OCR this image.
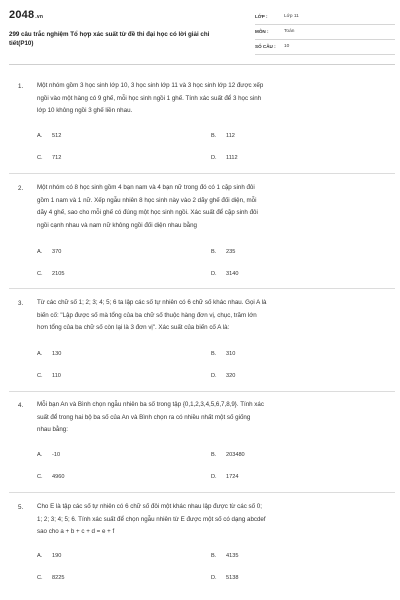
2048.vn
299 câu trắc nghiệm Tổ hợp xác suất từ đề thi đại học có lời giải chi tiết(P10)
LỚP :	Lớp 11
MÔN :	Toán
SỐ CÂU : 10
1. Một nhóm gồm 3 học sinh lớp 10, 3 học sinh lớp 11 và 3 học sinh lớp 12 được xếp
ngồi vào một hàng có 9 ghế, mỗi học sinh ngồi 1 ghế. Tính xác suất để 3 học sinh
lớp 10 không ngồi 3 ghế liền nhau.
A. 512	B. 112
C. 712	D. 1112
2. Một nhóm có 8 học sinh gồm 4 bạn nam và 4 bạn nữ trong đó có 1 cặp sinh đôi
gồm 1 nam và 1 nữ. Xếp ngẫu nhiên 8 học sinh này vào 2 dãy ghế đối diện, mỗi
dãy 4 ghế, sao cho mỗi ghế có đúng một học sinh ngồi. Xác suất để cặp sinh đôi
ngồi cạnh nhau và nam nữ không ngồi đối diện nhau bằng
A. 370	B. 235
C. 2105	D. 3140
3. Từ các chữ số 1; 2; 3; 4; 5; 6 ta lập các số tự nhiên có 6 chữ số khác nhau. Gọi A là
biến cố: "Lập được số mà tổng của ba chữ số thuộc hàng đơn vị, chục, trăm lớn
hơn tổng của ba chữ số còn lại là 3 đơn vị". Xác suất của biến cố A là:
A. 130	B. 310
C. 110	D. 320
4. Mỗi bạn An và Bình chọn ngẫu nhiên ba số trong tập {0,1,2,3,4,5,6,7,8,9}. Tính xác
suất để trong hai bộ ba số của An và Bình chọn ra có nhiều nhất một số giống
nhau bằng:
A. -10	B. 203480
C. 4960	D. 1724
5. Cho E là tập các số tự nhiên có 6 chữ số đôi một khác nhau lập được từ các số 0;
1; 2; 3; 4; 5; 6. Tính xác suất để chọn ngẫu nhiên từ E được một số có dạng abcdef
sao cho a + b + c + d = e + f
A. 190	B. 4135
C. 8225	D. 5138
